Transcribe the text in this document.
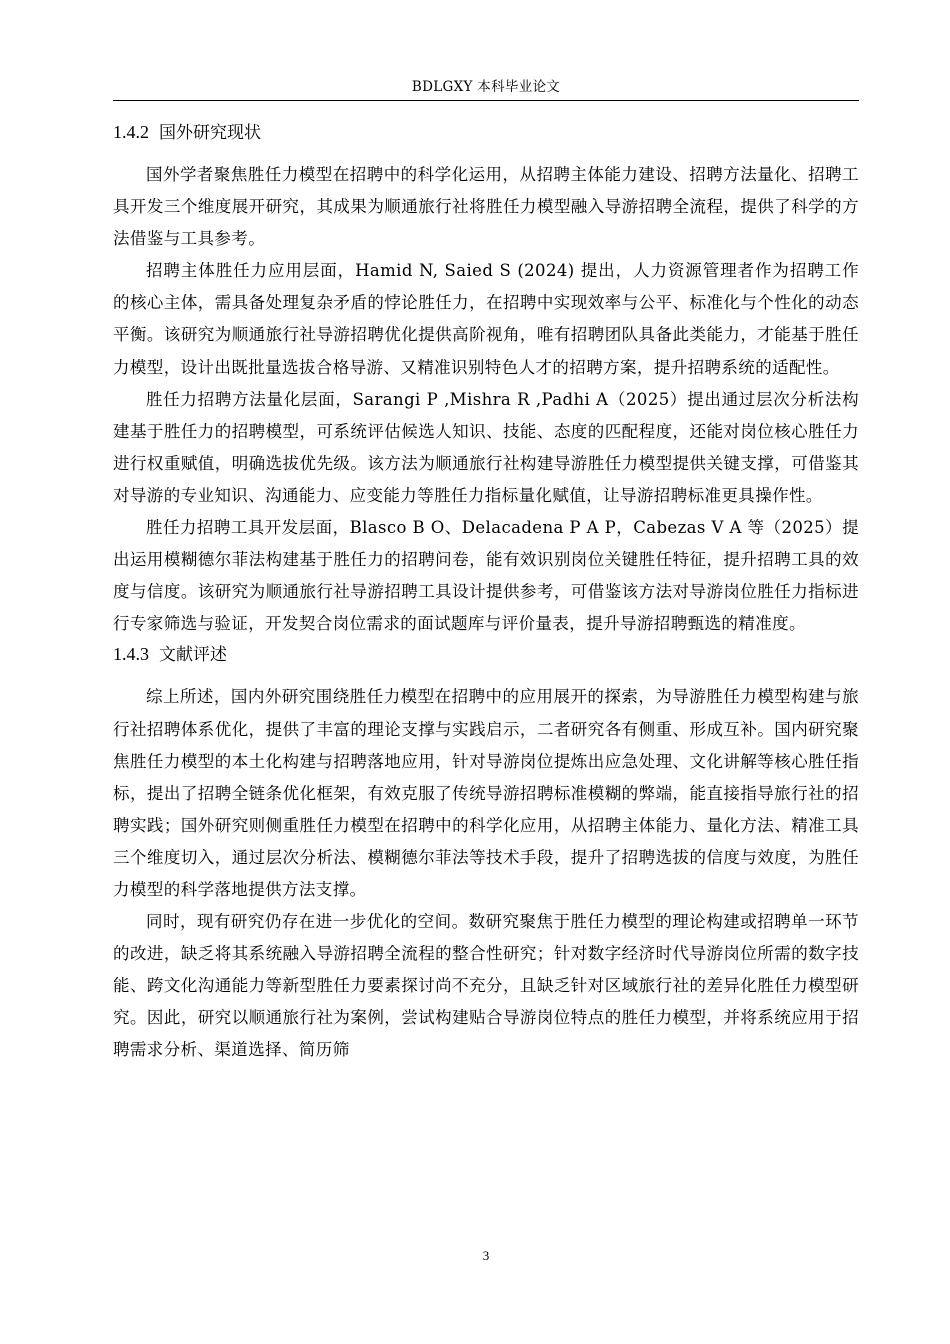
BDLGXY 本科毕业论文
1.4.2 国外研究现状

国外学者聚焦胜任力模型在招聘中的科学化运用，从招聘主体能力建设、招聘方法量化、招聘工具开发三个维度展开研究，其成果为顺通旅行社将胜任力模型融入导游招聘全流程，提供了科学的方法借鉴与工具参考。

招聘主体胜任力应用层面，Hamid N, Saied S (2024) 提出，人力资源管理者作为招聘工作的核心主体，需具备处理复杂矛盾的悖论胜任力，在招聘中实现效率与公平、标准化与个性化的动态平衡。该研究为顺通旅行社导游招聘优化提供高阶视角，唯有招聘团队具备此类能力，才能基于胜任力模型，设计出既批量选拔合格导游、又精准识别特色人才的招聘方案，提升招聘系统的适配性。

胜任力招聘方法量化层面，Sarangi P ,Mishra R ,Padhi A（2025）提出通过层次分析法构建基于胜任力的招聘模型，可系统评估候选人知识、技能、态度的匹配程度，还能对岗位核心胜任力进行权重赋值，明确选拔优先级。该方法为顺通旅行社构建导游胜任力模型提供关键支撑，可借鉴其对导游的专业知识、沟通能力、应变能力等胜任力指标量化赋值，让导游招聘标准更具操作性。

胜任力招聘工具开发层面，Blasco B O、Delacadena P A P，Cabezas V A 等（2025）提出运用模糊德尔菲法构建基于胜任力的招聘问卷，能有效识别岗位关键胜任特征，提升招聘工具的效度与信度。该研究为顺通旅行社导游招聘工具设计提供参考，可借鉴该方法对导游岗位胜任力指标进行专家筛选与验证，开发契合岗位需求的面试题库与评价量表，提升导游招聘甄选的精准度。

1.4.3 文献评述

综上所述，国内外研究围绕胜任力模型在招聘中的应用展开的探索，为导游胜任力模型构建与旅行社招聘体系优化，提供了丰富的理论支撑与实践启示，二者研究各有侧重、形成互补。国内研究聚焦胜任力模型的本土化构建与招聘落地应用，针对导游岗位提炼出应急处理、文化讲解等核心胜任指标，提出了招聘全链条优化框架，有效克服了传统导游招聘标准模糊的弊端，能直接指导旅行社的招聘实践；国外研究则侧重胜任力模型在招聘中的科学化应用，从招聘主体能力、量化方法、精准工具三个维度切入，通过层次分析法、模糊德尔菲法等技术手段，提升了招聘选拔的信度与效度，为胜任力模型的科学落地提供方法支撑。

同时，现有研究仍存在进一步优化的空间。数研究聚焦于胜任力模型的理论构建或招聘单一环节的改进，缺乏将其系统融入导游招聘全流程的整合性研究；针对数字经济时代导游岗位所需的数字技能、跨文化沟通能力等新型胜任力要素探讨尚不充分，且缺乏针对区域旅行社的差异化胜任力模型研究。因此，研究以顺通旅行社为案例，尝试构建贴合导游岗位特点的胜任力模型，并将系统应用于招聘需求分析、渠道选择、简历筛

3
